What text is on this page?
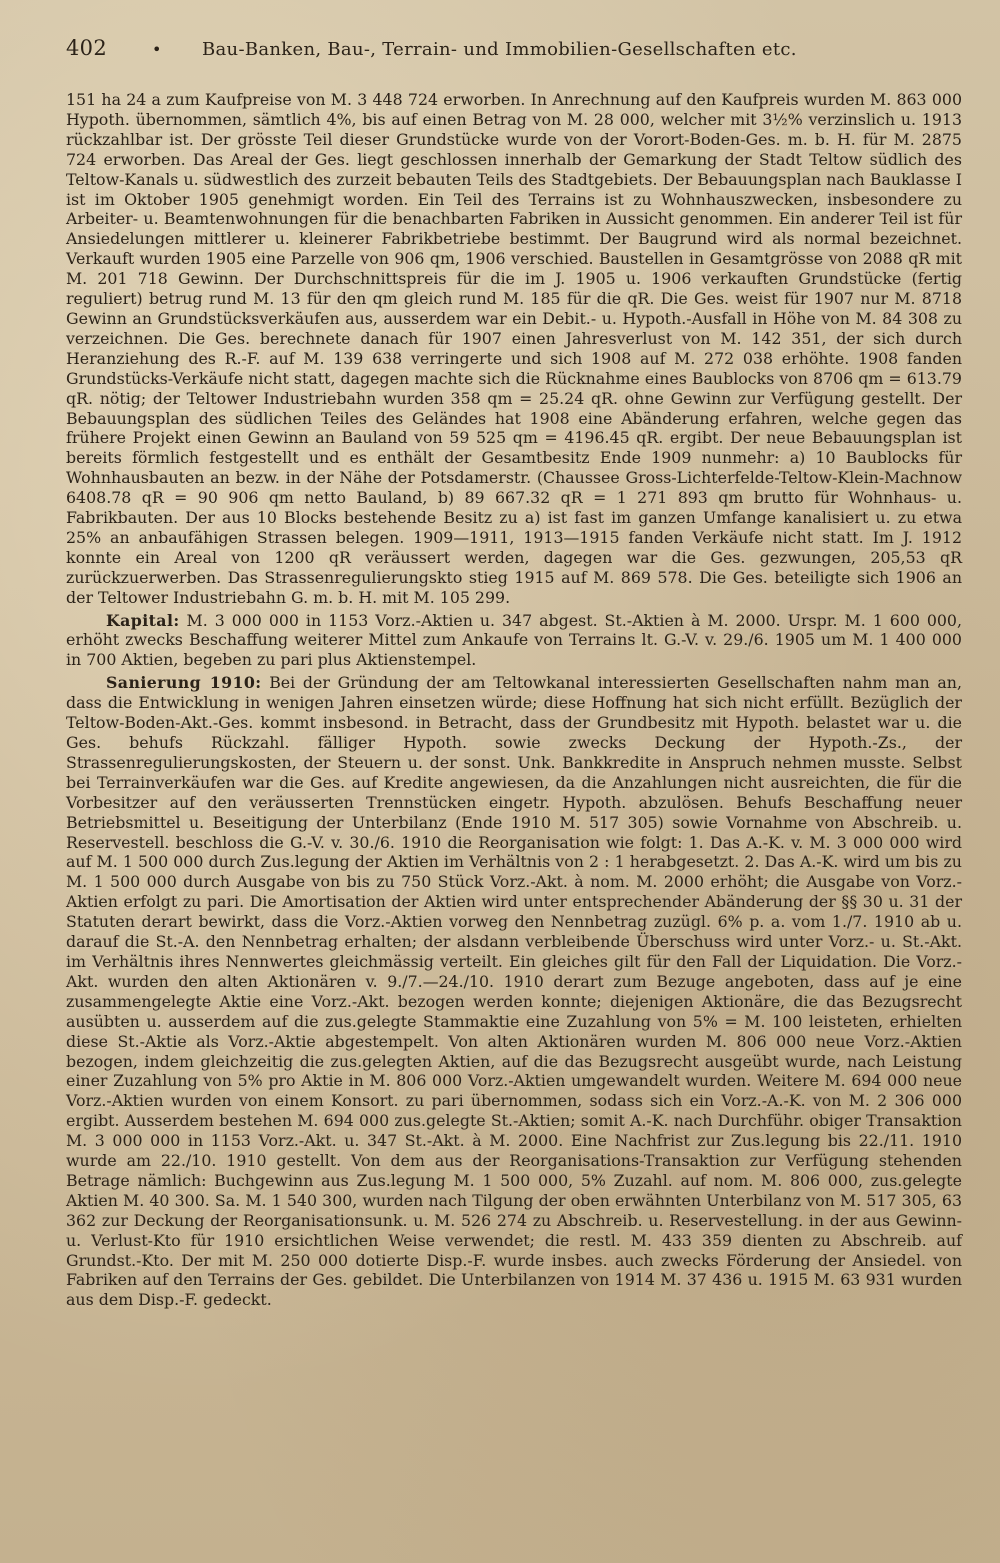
402	•	Bau-Banken, Bau-, Terrain- und Immobilien-Gesellschaften etc.

151 ha 24 a zum Kaufpreise von M. 3 448 724 erworben. In Anrechnung auf den Kaufpreis wurden M. 863 000 Hypoth. übernommen, sämtlich 4%, bis auf einen Betrag von M. 28 000, welcher mit 3½% verzinslich u. 1913 rückzahlbar ist. Der grösste Teil dieser Grundstücke wurde von der Vorort-Boden-Ges. m. b. H. für M. 2875 724 erworben. Das Areal der Ges. liegt geschlossen innerhalb der Gemarkung der Stadt Teltow südlich des Teltow-Kanals u. südwestlich des zurzeit bebauten Teils des Stadtgebiets. Der Bebauungsplan nach Bauklasse I ist im Oktober 1905 genehmigt worden. Ein Teil des Terrains ist zu Wohnhauszwecken, insbesondere zu Arbeiter- u. Beamtenwohnungen für die benachbarten Fabriken in Aussicht genommen. Ein anderer Teil ist für Ansiedelungen mittlerer u. kleinerer Fabrikbetriebe bestimmt. Der Baugrund wird als normal bezeichnet. Verkauft wurden 1905 eine Parzelle von 906 qm, 1906 verschied. Baustellen in Gesamtgrösse von 2088 qR mit M. 201 718 Gewinn. Der Durchschnittspreis für die im J. 1905 u. 1906 verkauften Grundstücke (fertig reguliert) betrug rund M. 13 für den qm gleich rund M. 185 für die qR. Die Ges. weist für 1907 nur M. 8718 Gewinn an Grundstücksverkäufen aus, ausserdem war ein Debit.- u. Hypoth.-Ausfall in Höhe von M. 84 308 zu verzeichnen. Die Ges. berechnete danach für 1907 einen Jahresverlust von M. 142 351, der sich durch Heranziehung des R.-F. auf M. 139 638 verringerte und sich 1908 auf M. 272 038 erhöhte. 1908 fanden Grundstücks-Verkäufe nicht statt, dagegen machte sich die Rücknahme eines Baublocks von 8706 qm = 613.79 qR. nötig; der Teltower Industriebahn wurden 358 qm = 25.24 qR. ohne Gewinn zur Verfügung gestellt. Der Bebauungsplan des südlichen Teiles des Geländes hat 1908 eine Abänderung erfahren, welche gegen das frühere Projekt einen Gewinn an Bauland von 59 525 qm = 4196.45 qR. ergibt. Der neue Bebauungsplan ist bereits förmlich festgestellt und es enthält der Gesamtbesitz Ende 1909 nunmehr: a) 10 Baublocks für Wohnhausbauten an bezw. in der Nähe der Potsdamerstr. (Chaussee Gross-Lichterfelde-Teltow-Klein-Machnow 6408.78 qR = 90 906 qm netto Bauland, b) 89 667.32 qR = 1 271 893 qm brutto für Wohnhaus- u. Fabrikbauten. Der aus 10 Blocks bestehende Besitz zu a) ist fast im ganzen Umfange kanalisiert u. zu etwa 25% an anbaufähigen Strassen belegen. 1909—1911, 1913—1915 fanden Verkäufe nicht statt. Im J. 1912 konnte ein Areal von 1200 qR veräussert werden, dagegen war die Ges. gezwungen, 205,53 qR zurückzuerwerben. Das Strassenregulierungskto stieg 1915 auf M. 869 578. Die Ges. beteiligte sich 1906 an der Teltower Industriebahn G. m. b. H. mit M. 105 299.

Kapital: M. 3 000 000 in 1153 Vorz.-Aktien u. 347 abgest. St.-Aktien à M. 2000. Urspr. M. 1 600 000, erhöht zwecks Beschaffung weiterer Mittel zum Ankaufe von Terrains lt. G.-V. v. 29./6. 1905 um M. 1 400 000 in 700 Aktien, begeben zu pari plus Aktienstempel.

Sanierung 1910: Bei der Gründung der am Teltowkanal interessierten Gesellschaften nahm man an, dass die Entwicklung in wenigen Jahren einsetzen würde; diese Hoffnung hat sich nicht erfüllt. Bezüglich der Teltow-Boden-Akt.-Ges. kommt insbesond. in Betracht, dass der Grundbesitz mit Hypoth. belastet war u. die Ges. behufs Rückzahl. fälliger Hypoth. sowie zwecks Deckung der Hypoth.-Zs., der Strassenregulierungskosten, der Steuern u. der sonst. Unk. Bankkredite in Anspruch nehmen musste. Selbst bei Terrainverkäufen war die Ges. auf Kredite angewiesen, da die Anzahlungen nicht ausreichten, die für die Vorbesitzer auf den veräusserten Trennstücken eingetr. Hypoth. abzulösen. Behufs Beschaffung neuer Betriebsmittel u. Beseitigung der Unterbilanz (Ende 1910 M. 517 305) sowie Vornahme von Abschreib. u. Reservestell. beschloss die G.-V. v. 30./6. 1910 die Reorganisation wie folgt: 1. Das A.-K. v. M. 3 000 000 wird auf M. 1 500 000 durch Zus.legung der Aktien im Verhältnis von 2 : 1 herabgesetzt. 2. Das A.-K. wird um bis zu M. 1 500 000 durch Ausgabe von bis zu 750 Stück Vorz.-Akt. à nom. M. 2000 erhöht; die Ausgabe von Vorz.-Aktien erfolgt zu pari. Die Amortisation der Aktien wird unter entsprechender Abänderung der §§ 30 u. 31 der Statuten derart bewirkt, dass die Vorz.-Aktien vorweg den Nennbetrag zuzügl. 6% p. a. vom 1./7. 1910 ab u. darauf die St.-A. den Nennbetrag erhalten; der alsdann verbleibende Überschuss wird unter Vorz.- u. St.-Akt. im Verhältnis ihres Nennwertes gleichmässig verteilt. Ein gleiches gilt für den Fall der Liquidation. Die Vorz.-Akt. wurden den alten Aktionären v. 9./7.—24./10. 1910 derart zum Bezuge angeboten, dass auf je eine zusammengelegte Aktie eine Vorz.-Akt. bezogen werden konnte; diejenigen Aktionäre, die das Bezugsrecht ausübten u. ausserdem auf die zus.gelegte Stammaktie eine Zuzahlung von 5% = M. 100 leisteten, erhielten diese St.-Aktie als Vorz.-Aktie abgestempelt. Von alten Aktionären wurden M. 806 000 neue Vorz.-Aktien bezogen, indem gleichzeitig die zus.gelegten Aktien, auf die das Bezugsrecht ausgeübt wurde, nach Leistung einer Zuzahlung von 5% pro Aktie in M. 806 000 Vorz.-Aktien umgewandelt wurden. Weitere M. 694 000 neue Vorz.-Aktien wurden von einem Konsort. zu pari übernommen, sodass sich ein Vorz.-A.-K. von M. 2 306 000 ergibt. Ausserdem bestehen M. 694 000 zus.gelegte St.-Aktien; somit A.-K. nach Durchführ. obiger Transaktion M. 3 000 000 in 1153 Vorz.-Akt. u. 347 St.-Akt. à M. 2000. Eine Nachfrist zur Zus.legung bis 22./11. 1910 wurde am 22./10. 1910 gestellt. Von dem aus der Reorganisations-Transaktion zur Verfügung stehenden Betrage nämlich: Buchgewinn aus Zus.legung M. 1 500 000, 5% Zuzahl. auf nom. M. 806 000, zus.gelegte Aktien M. 40 300. Sa. M. 1 540 300, wurden nach Tilgung der oben erwähnten Unterbilanz von M. 517 305, 63 362 zur Deckung der Reorganisationsunk. u. M. 526 274 zu Abschreib. u. Reservestellung. in der aus Gewinn- u. Verlust-Kto für 1910 ersichtlichen Weise verwendet; die restl. M. 433 359 dienten zu Abschreib. auf Grundst.-Kto. Der mit M. 250 000 dotierte Disp.-F. wurde insbes. auch zwecks Förderung der Ansiedel. von Fabriken auf den Terrains der Ges. gebildet. Die Unterbilanzen von 1914 M. 37 436 u. 1915 M. 63 931 wurden aus dem Disp.-F. gedeckt.
